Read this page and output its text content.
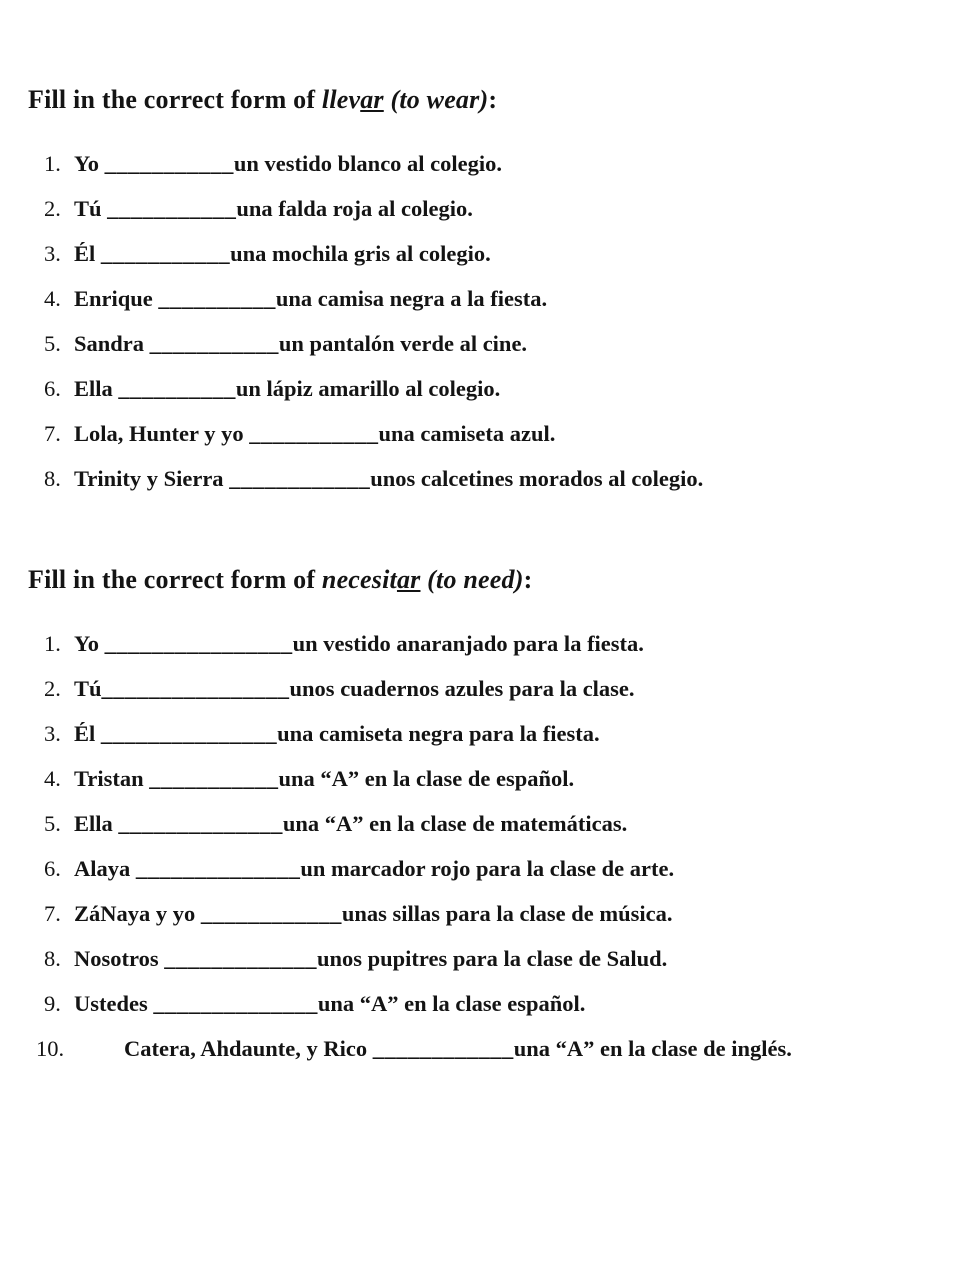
Fill in the correct form of llevar (to wear):
1. Yo ___________un vestido blanco al colegio.
2. Tú ___________una falda roja al colegio.
3. Él ___________una mochila gris al colegio.
4. Enrique __________una camisa negra a la fiesta.
5. Sandra ___________un pantalón verde al cine.
6. Ella __________un lápiz amarillo al colegio.
7. Lola, Hunter y yo ___________una camiseta azul.
8. Trinity y Sierra ____________unos calcetines morados al colegio.
Fill in the correct form of necesitar (to need):
1. Yo ________________un vestido anaranjado para la fiesta.
2. Tú________________unos cuadernos azules para la clase.
3. Él _______________una camiseta negra para la fiesta.
4. Tristan ___________una “A” en la clase de español.
5. Ella ______________una “A” en la clase de matemáticas.
6. Alaya ______________un marcador rojo para la clase de arte.
7. ZáNaya y yo ____________unas sillas para la clase de música.
8. Nosotros _____________unos pupitres para la clase de Salud.
9. Ustedes ______________una “A” en la clase español.
10.	Catera, Ahdaunte, y Rico ____________una “A” en la clase de inglés.
